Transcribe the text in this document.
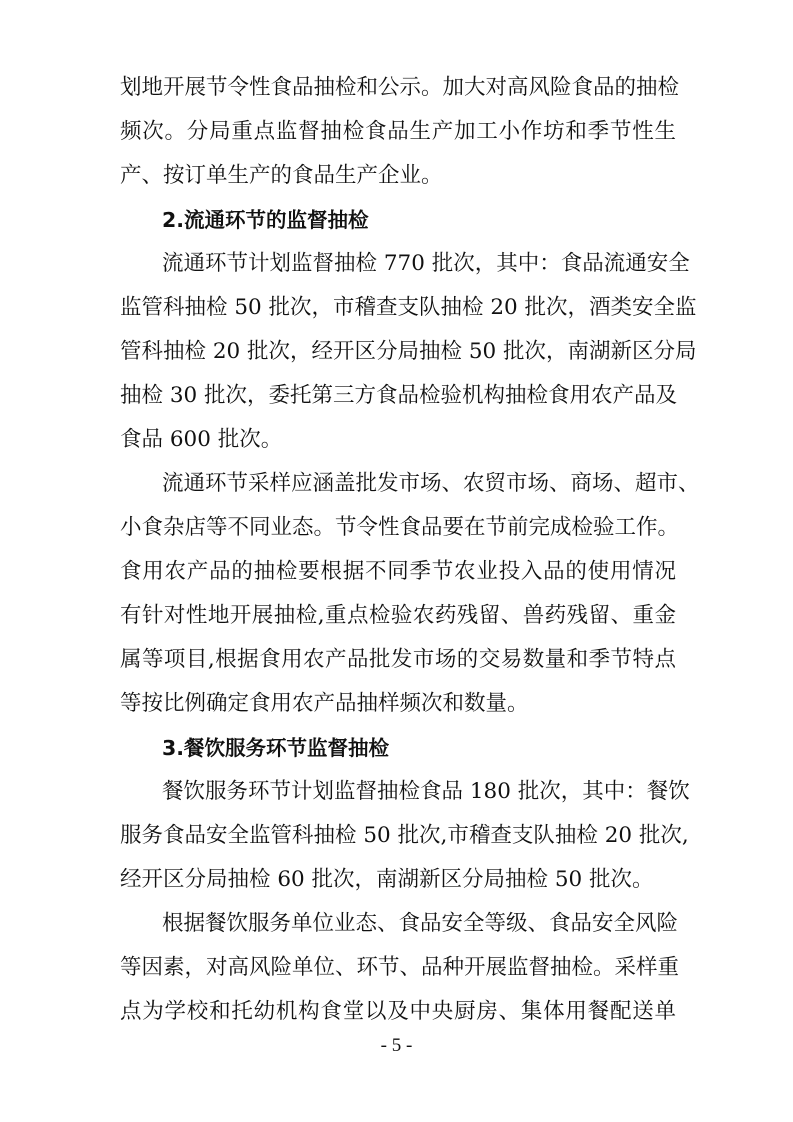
划地开展节令性食品抽检和公示。加大对高风险食品的抽检
频次。分局重点监督抽检食品生产加工小作坊和季节性生
产、按订单生产的食品生产企业。
2.流通环节的监督抽检
流通环节计划监督抽检 770 批次，其中：食品流通安全
监管科抽检 50 批次，市稽查支队抽检 20 批次，酒类安全监
管科抽检 20 批次，经开区分局抽检 50 批次，南湖新区分局
抽检 30 批次，委托第三方食品检验机构抽检食用农产品及
食品 600 批次。
流通环节采样应涵盖批发市场、农贸市场、商场、超市、
小食杂店等不同业态。节令性食品要在节前完成检验工作。
食用农产品的抽检要根据不同季节农业投入品的使用情况
有针对性地开展抽检,重点检验农药残留、兽药残留、重金
属等项目,根据食用农产品批发市场的交易数量和季节特点
等按比例确定食用农产品抽样频次和数量。
3.餐饮服务环节监督抽检
餐饮服务环节计划监督抽检食品 180 批次，其中：餐饮
服务食品安全监管科抽检 50 批次,市稽查支队抽检 20 批次,
经开区分局抽检 60 批次，南湖新区分局抽检 50 批次。
根据餐饮服务单位业态、食品安全等级、食品安全风险
等因素，对高风险单位、环节、品种开展监督抽检。采样重
点为学校和托幼机构食堂以及中央厨房、集体用餐配送单
- 5 -
